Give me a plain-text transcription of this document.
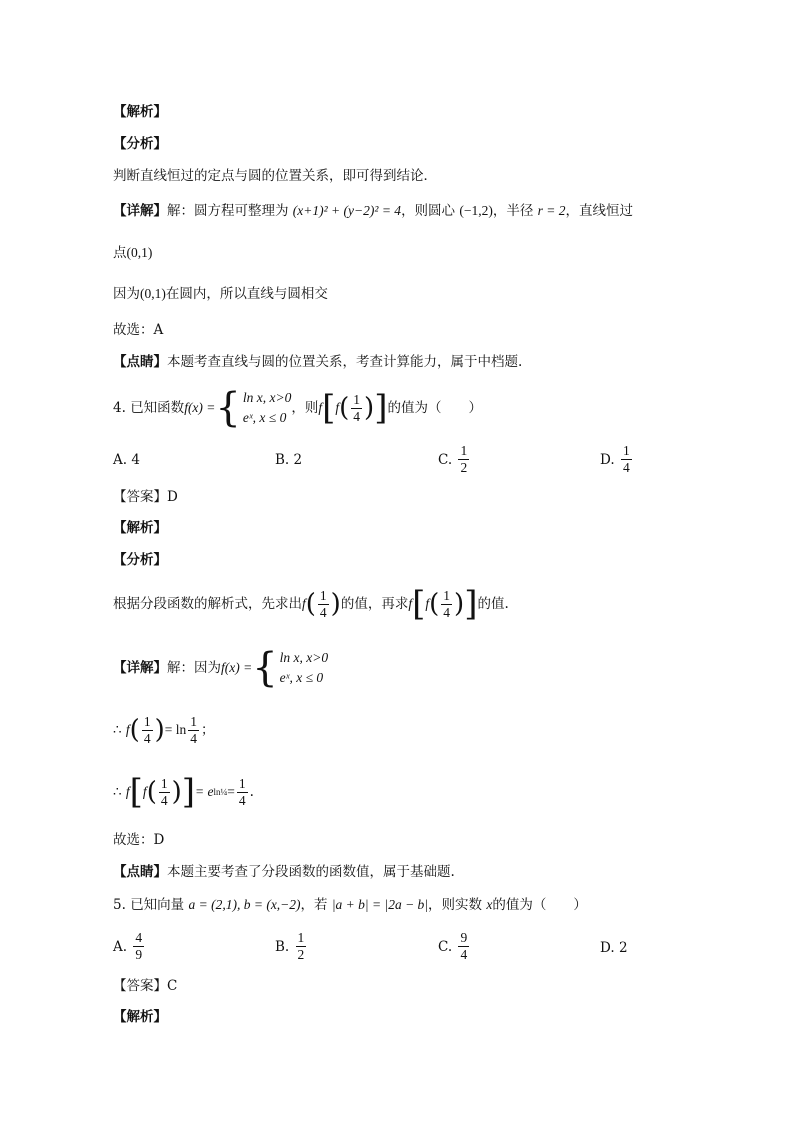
【解析】
【分析】
判断直线恒过的定点与圆的位置关系，即可得到结论．
【详解】解：圆方程可整理为 (x+1)² + (y−2)² = 4，则圆心 (−1,2)，半径 r = 2，直线恒过
点(0,1)
因为(0,1)在圆内，所以直线与圆相交
故选：A
【点睛】本题考查直线与圆的位置关系，考查计算能力，属于中档题.
4.
已知函数 f(x) = { ln x, x>0
eˣ, x ≤ 0
，则 f [ f ( $\frac{1}{4}$ ) ] 的值为（　　）
A. 4	B. 2	C.
$\frac{1}{2}$	D.
$\frac{1}{4}$
【答案】D
【解析】
【分析】
根据分段函数的解析式，先求出 f ( $\frac{1}{4}$ ) 的值，再求 f [ f ( $\frac{1}{4}$ ) ] 的值.
【详解】 解：因为 f(x) = { ln x, x>0
eˣ, x ≤ 0
∴
f ( $\frac{1}{4}$ ) = $\ln \frac{1}{4}$ ；
∴
f [ f ( $\frac{1}{4}$ ) ] = e ln¼ = $\frac{1}{4}$ .
故选：D
【点睛】本题主要考查了分段函数的函数值，属于基础题.
5. 已知向量 a = (2,1), b = (x,−2)，若 |a + b| = |2a − b|，则实数 x的值为（　　）
A.
$\frac{4}{9}$	B.
$\frac{1}{2}$	C.
$\frac{9}{4}$	D. 2
【答案】C
【解析】
